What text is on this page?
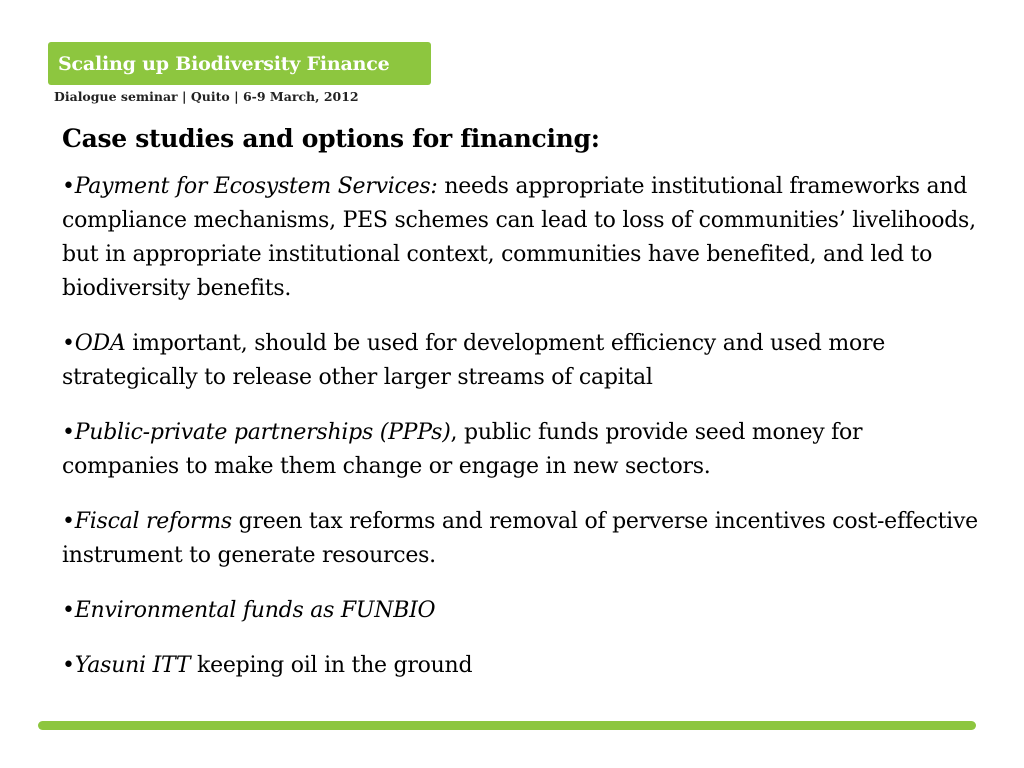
Scaling up Biodiversity Finance
Dialogue seminar | Quito | 6-9 March, 2012
Case studies and options for financing:
•Payment for Ecosystem Services: needs appropriate institutional frameworks and compliance mechanisms, PES schemes can lead to loss of communities’ livelihoods, but in appropriate institutional context, communities have benefited, and led to biodiversity benefits.
•ODA important, should be used for development efficiency and used more strategically to release other larger streams of capital
•Public-private partnerships (PPPs), public funds provide seed money for companies to make them change or engage in new sectors.
•Fiscal reforms green tax reforms and removal of perverse incentives cost-effective instrument to generate resources.
•Environmental funds as FUNBIO
•Yasuni ITT keeping oil in the ground
